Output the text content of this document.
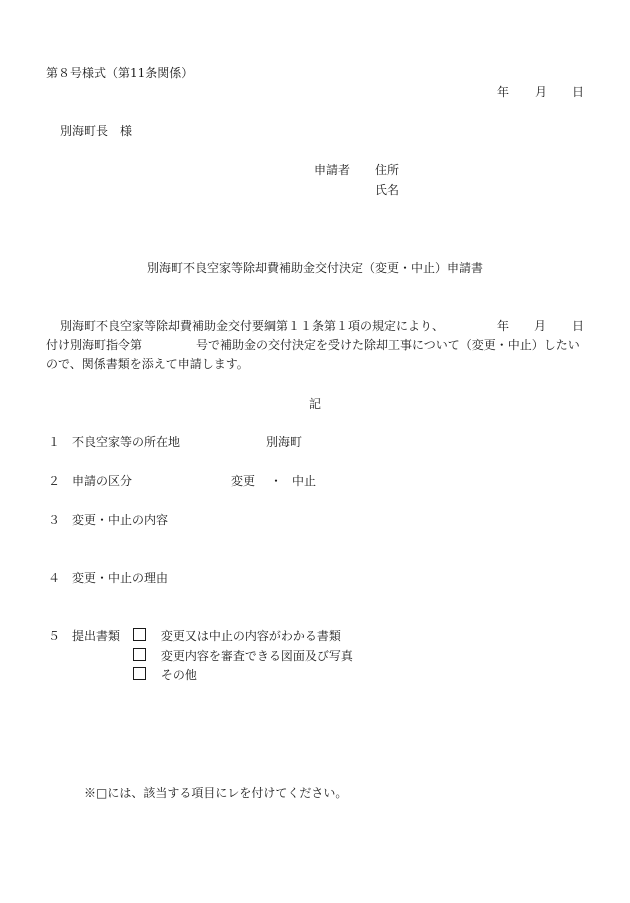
第８号様式（第11条関係）
年 月 日
別海町長　様
申請者 住所
氏名
別海町不良空家等除却費補助金交付決定（変更・中止）申請書
別海町不良空家等除却費補助金交付要綱第１１条第１項の規定により、	年 月 日
付け別海町指令第	号で補助金の交付決定を受けた除却工事について（変更・中止）したい
ので、関係書類を添えて申請します。
記
１ 不良空家等の所在地	別海町
２ 申請の区分	変更 ・ 中止
３ 変更・中止の内容
４ 変更・中止の理由
５ 提出書類	変更又は中止の内容がわかる書類
変更内容を審査できる図面及び写真
その他
※□には、該当する項目にレを付けてください。
